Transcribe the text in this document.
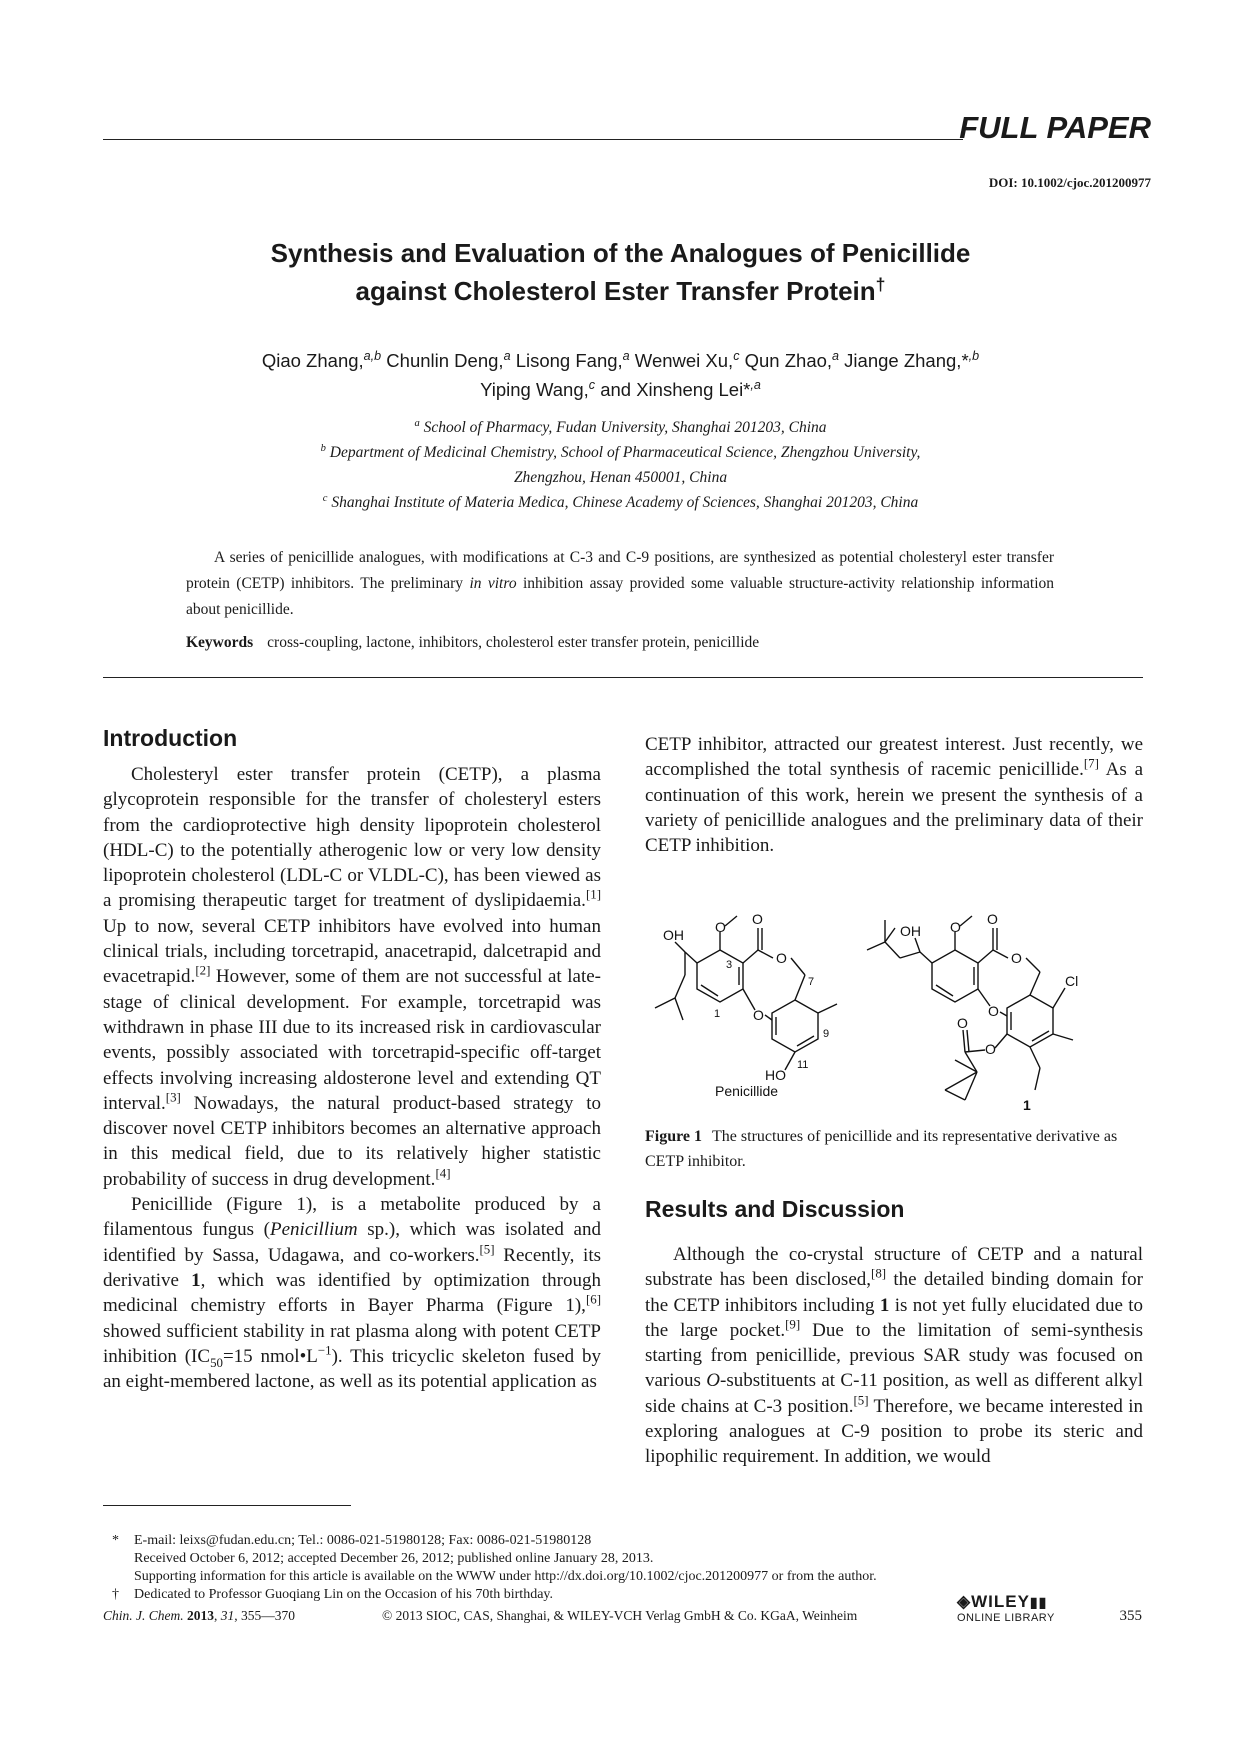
FULL PAPER
DOI: 10.1002/cjoc.201200977
Synthesis and Evaluation of the Analogues of Penicillide
against Cholesterol Ester Transfer Protein†
Qiao Zhang,$^{a,b}$ Chunlin Deng,$^a$ Lisong Fang,$^a$ Wenwei Xu,$^c$ Qun Zhao,$^a$ Jiange Zhang,*$^{,b}$
Yiping Wang,$^c$ and Xinsheng Lei*$^{,a}$
$^a$ School of Pharmacy, Fudan University, Shanghai 201203, China
$^b$ Department of Medicinal Chemistry, School of Pharmaceutical Science, Zhengzhou University,
Zhengzhou, Henan 450001, China
$^c$ Shanghai Institute of Materia Medica, Chinese Academy of Sciences, Shanghai 201203, China
A series of penicillide analogues, with modifications at C-3 and C-9 positions, are synthesized as potential cholesteryl ester transfer protein (CETP) inhibitors. The preliminary in vitro inhibition assay provided some valuable structure-activity relationship information about penicillide.
Keywords cross-coupling, lactone, inhibitors, cholesterol ester transfer protein, penicillide
Introduction

Cholesteryl ester transfer protein (CETP), a plasma glycoprotein responsible for the transfer of cholesteryl esters from the cardioprotective high density lipoprotein cholesterol (HDL-C) to the potentially atherogenic low or very low density lipoprotein cholesterol (LDL-C or VLDL-C), has been viewed as a promising therapeutic target for treatment of dyslipidaemia.[1] Up to now, several CETP inhibitors have evolved into human clinical trials, including torcetrapid, anacetrapid, dalcetrapid and evacetrapid.[2] However, some of them are not successful at late-stage of clinical development. For example, torcetrapid was withdrawn in phase III due to its increased risk in cardiovascular events, possibly associated with torcetrapid-specific off-target effects involving increasing aldosterone level and extending QT interval.[3] Nowadays, the natural product-based strategy to discover novel CETP inhibitors becomes an alternative approach in this medical field, due to its relatively higher statistic probability of success in drug development.[4]

Penicillide (Figure 1), is a metabolite produced by a filamentous fungus (Penicillium sp.), which was isolated and identified by Sassa, Udagawa, and co-workers.[5] Recently, its derivative 1, which was identified by optimization through medicinal chemistry efforts in Bayer Pharma (Figure 1),[6] showed sufficient stability in rat plasma along with potent CETP inhibition ($IC_{50}=15$ $nmol•L^{-1}$). This tricyclic skeleton fused by an eight-membered lactone, as well as its potential application as

CETP inhibitor, attracted our greatest interest. Just recently, we accomplished the total synthesis of racemic penicillide.[7] As a continuation of this work, herein we present the synthesis of a variety of penicillide analogues and the preliminary data of their CETP inhibition.

OH O O
O
O
HO
3
7
1
9
11
Penicillide
OH O O
O
O
O
O
Cl
1
Figure 1 The structures of penicillide and its representative derivative as CETP inhibitor.
Results and Discussion

Although the co-crystal structure of CETP and a natural substrate has been disclosed,[8] the detailed binding domain for the CETP inhibitors including 1 is not yet fully elucidated due to the large pocket.[9] Due to the limitation of semi-synthesis starting from penicillide, previous SAR study was focused on various O-substituents at C-11 position, as well as different alkyl side chains at C-3 position.[5] Therefore, we became interested in exploring analogues at C-9 position to probe its steric and lipophilic requirement. In addition, we would

*	E-mail: leixs@fudan.edu.cn; Tel.: 0086-021-51980128; Fax: 0086-021-51980128
Received October 6, 2012; accepted December 26, 2012; published online January 28, 2013.
Supporting information for this article is available on the WWW under http://dx.doi.org/10.1002/cjoc.201200977 or from the author.
†	Dedicated to Professor Guoqiang Lin on the Occasion of his 70th birthday.
Chin. J. Chem. 2013, 31, 355—370	© 2013 SIOC, CAS, Shanghai, & WILEY-VCH Verlag GmbH & Co. KGaA, Weinheim
◈WILEY▮▮
ONLINE LIBRARY	355
